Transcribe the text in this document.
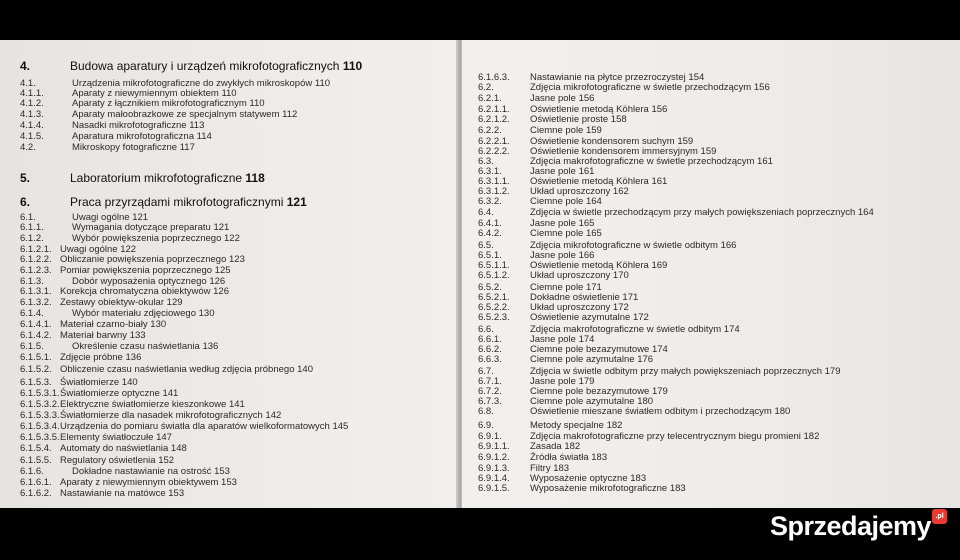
4.	Budowa aparatury i urządzeń mikrofotograficznych 110
4.1.	Urządzenia mikrofotograficzne do zwykłych mikroskopów 110
4.1.1.	Aparaty z niewymiennym obiektem 110
4.1.2.	Aparaty z łącznikiem mikrofotograficznym 110
4.1.3.	Aparaty małoobrazkowe ze specjalnym statywem 112
4.1.4.	Nasadki mikrofotograficzne 113
4.1.5.	Aparatura mikrofotograficzna 114
4.2.	Mikroskopy fotograficzne 117
5.	Laboratorium mikrofotograficzne 118
6.	Praca przyrządami mikrofotograficznymi 121
6.1.	Uwagi ogólne 121
6.1.1.	Wymagania dotyczące preparatu 121
6.1.2.	Wybór powiększenia poprzecznego 122
6.1.2.1. Uwagi ogólne 122
6.1.2.2. Obliczanie powiększenia poprzecznego 123
6.1.2.3. Pomiar powiększenia poprzecznego 125
6.1.3.	Dobór wyposażenia optycznego 126
6.1.3.1. Korekcja chromatyczna obiektywów 126
6.1.3.2. Zestawy obiektyw-okular 129
6.1.4.	Wybór materiału zdjęciowego 130
6.1.4.1. Materiał czarno-biały 130
6.1.4.2. Materiał barwny 133
6.1.5.	Określenie czasu naświetlania 136
6.1.5.1. Zdjęcie próbne 136
6.1.5.2. Obliczenie czasu naświetlania według zdjęcia próbnego 140
6.1.5.3. Światłomierze 140
6.1.5.3.1. Światłomierze optyczne 141
6.1.5.3.2. Elektryczne światłomierze kieszonkowe 141
6.1.5.3.3. Światłomierze dla nasadek mikrofotograficznych 142
6.1.5.3.4. Urządzenia do pomiaru światła dla aparatów wielkoformatowych 145
6.1.5.3.5. Elementy światłoczułe 147
6.1.5.4. Automaty do naświetlania 148
6.1.5.5. Regulatory oświetlenia 152
6.1.6.	Dokładne nastawianie na ostrość 153
6.1.6.1. Aparaty z niewymiennym obiektywem 153
6.1.6.2. Nastawianie na matówce 153
6.1.6.3. Nastawianie na płytce przezroczystej 154
6.2.	Zdjęcia mikrofotograficzne w świetle przechodzącym 156
6.2.1.	Jasne pole 156
6.2.1.1. Oświetlenie metodą Köhlera 156
6.2.1.2. Oświetlenie proste 158
6.2.2.	Ciemne pole 159
6.2.2.1. Oświetlenie kondensorem suchym 159
6.2.2.2. Oświetlenie kondensorem immersyjnym 159
6.3.	Zdjęcia makrofotograficzne w świetle przechodzącym 161
6.3.1.	Jasne pole 161
6.3.1.1. Oświetlenie metodą Köhlera 161
6.3.1.2. Układ uproszczony 162
6.3.2.	Ciemne pole 164
6.4.	Zdjęcia w świetle przechodzącym przy małych powiększeniach poprzecznych 164
6.4.1.	Jasne pole 165
6.4.2.	Ciemne pole 165
6.5.	Zdjęcia mikrofotograficzne w świetle odbitym 166
6.5.1.	Jasne pole 166
6.5.1.1. Oświetlenie metodą Köhlera 169
6.5.1.2. Układ uproszczony 170
6.5.2.	Ciemne pole 171
6.5.2.1. Dokładne oświetlenie 171
6.5.2.2. Układ uproszczony 172
6.5.2.3. Oświetlenie azymutalne 172
6.6.	Zdjęcia makrofotograficzne w świetle odbitym 174
6.6.1.	Jasne pole 174
6.6.2.	Ciemne pole bezazymutowe 174
6.6.3.	Ciemne pole azymutalne 176
6.7.	Zdjęcia w świetle odbitym przy małych powiększeniach poprzecznych 179
6.7.1.	Jasne pole 179
6.7.2.	Ciemne pole bezazymutowe 179
6.7.3.	Ciemne pole azymutalne 180
6.8.	Oświetlenie mieszane światłem odbitym i przechodzącym 180
6.9.	Metody specjalne 182
6.9.1.	Zdjęcia makrofotograficzne przy telecentrycznym biegu promieni 182
6.9.1.1. Zasada 182
6.9.1.2. Źródła światła 183
6.9.1.3. Filtry 183
6.9.1.4. Wyposażenie optyczne 183
6.9.1.5. Wyposażenie mikrofotograficzne 183
Sprzedajemy .pl
